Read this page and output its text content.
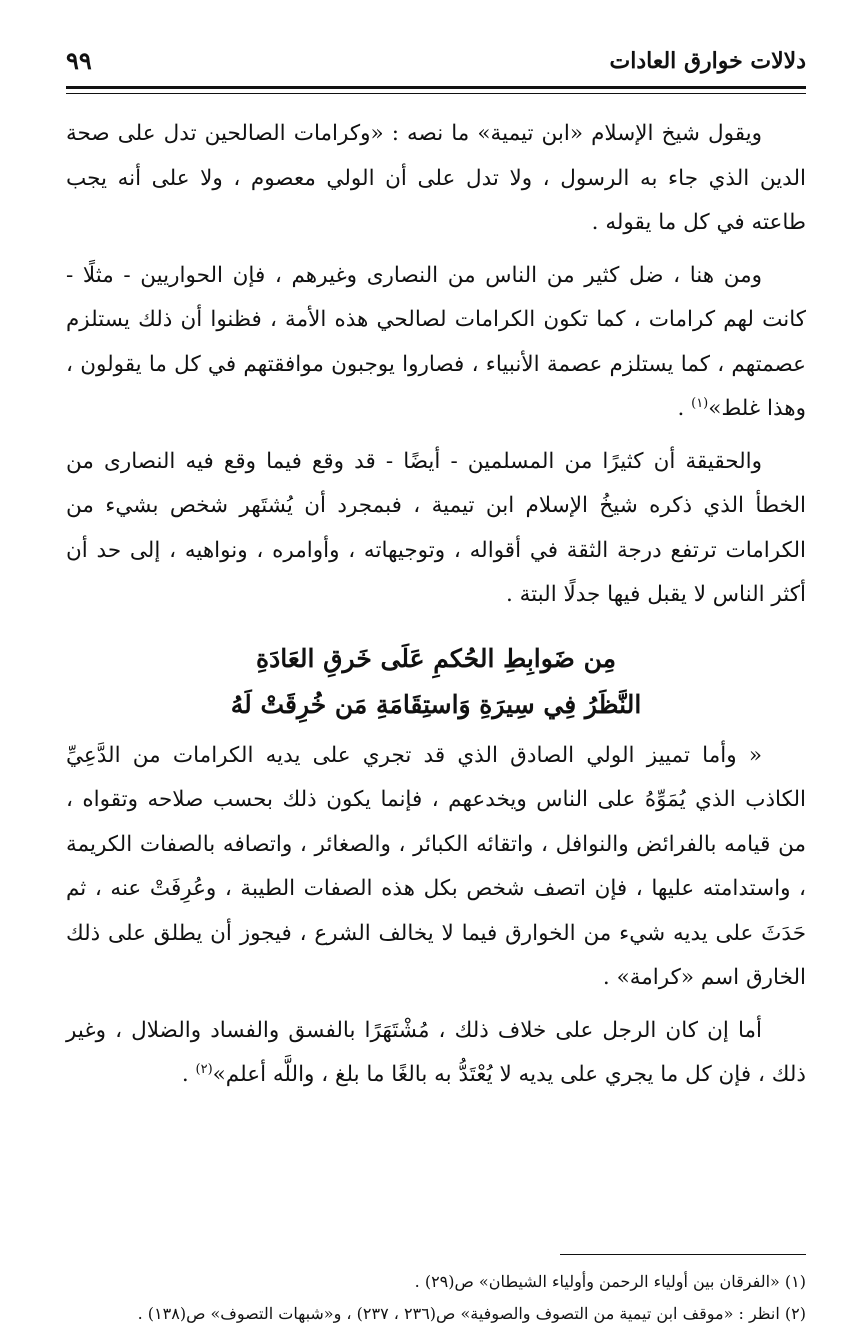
دلالات خوارق العادات
٩٩

ويقول شيخ الإسلام «ابن تيمية» ما نصه : «وكرامات الصالحين تدل على صحة الدين الذي جاء به الرسول ، ولا تدل على أن الولي معصوم ، ولا على أنه يجب طاعته في كل ما يقوله .

ومن هنا ، ضل كثير من الناس من النصارى وغيرهم ، فإن الحواريين - مثلًا - كانت لهم كرامات ، كما تكون الكرامات لصالحي هذه الأمة ، فظنوا أن ذلك يستلزم عصمتهم ، كما يستلزم عصمة الأنبياء ، فصاروا يوجبون موافقتهم في كل ما يقولون ، وهذا غلط»$^{(١)}$ .

والحقيقة أن كثيرًا من المسلمين - أيضًا - قد وقع فيما وقع فيه النصارى من الخطأ الذي ذكره شيخُ الإسلام ابن تيمية ، فبمجرد أن يُشتَهر شخص بشيء من الكرامات ترتفع درجة الثقة في أقواله ، وتوجيهاته ، وأوامره ، ونواهيه ، إلى حد أن أكثر الناس لا يقبل فيها جدلًا البتة .

مِن ضَوابِطِ الحُكمِ عَلَى خَرقِ العَادَةِ
النَّظَرُ فِي سِيرَةِ وَاستِقَامَةِ مَن خُرِقَتْ لَهُ

« وأما تمييز الولي الصادق الذي قد تجري على يديه الكرامات من الدَّعِيِّ الكاذب الذي يُمَوِّهُ على الناس ويخدعهم ، فإنما يكون ذلك بحسب صلاحه وتقواه ، من قيامه بالفرائض والنوافل ، واتقائه الكبائر ، والصغائر ، واتصافه بالصفات الكريمة ، واستدامته عليها ، فإن اتصف شخص بكل هذه الصفات الطيبة ، وعُرِفَتْ عنه ، ثم حَدَثَ على يديه شيء من الخوارق فيما لا يخالف الشرع ، فيجوز أن يطلق على ذلك الخارق اسم «كرامة» .

أما إن كان الرجل على خلاف ذلك ، مُشْتَهَرًا بالفسق والفساد والضلال ، وغير ذلك ، فإن كل ما يجري على يديه لا يُعْتَدُّ به بالغًا ما بلغ ، واللَّه أعلم»$^{(٢)}$ .

(١) «الفرقان بين أولياء الرحمن وأولياء الشيطان» ص(٢٩) .
(٢) انظر : «موقف ابن تيمية من التصوف والصوفية» ص(٢٣٦ ، ٢٣٧) ، و«شبهات التصوف» ص(١٣٨) .
